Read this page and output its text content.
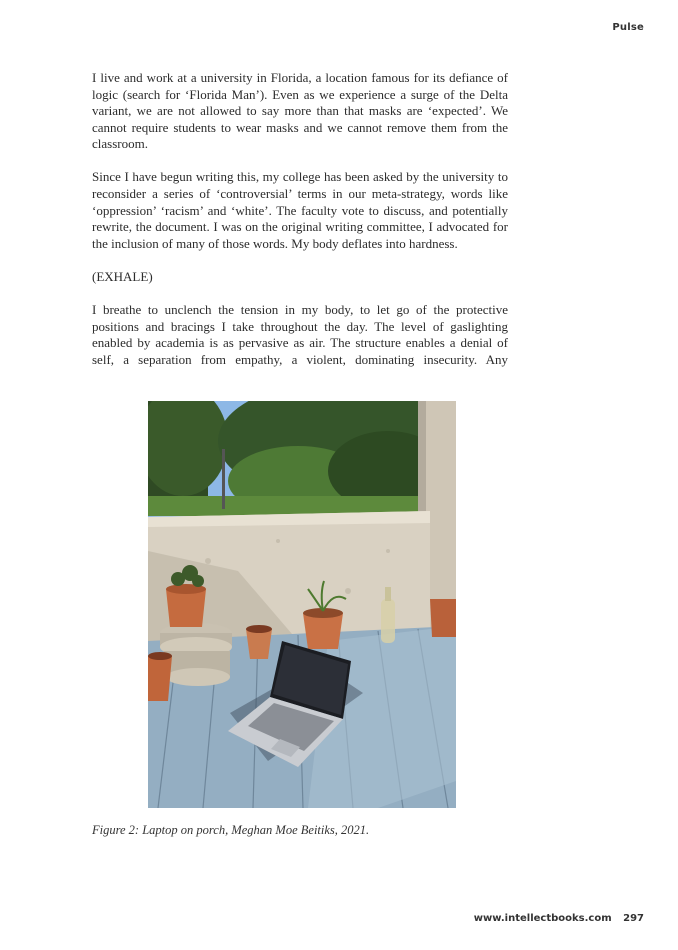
Pulse

I live and work at a university in Florida, a location famous for its defiance of logic (search for ‘Florida Man’). Even as we experience a surge of the Delta variant, we are not allowed to say more than that masks are ‘expected’. We cannot require students to wear masks and we cannot remove them from the classroom.

Since I have begun writing this, my college has been asked by the university to reconsider a series of ‘controversial’ terms in our meta-strategy, words like ‘oppression’ ‘racism’ and ‘white’. The faculty vote to discuss, and potentially rewrite, the document. I was on the original writing committee, I advocated for the inclusion of many of those words. My body deflates into hardness.

(EXHALE)

I breathe to unclench the tension in my body, to let go of the protective positions and bracings I take throughout the day. The level of gaslighting enabled by academia is as pervasive as air. The structure enables a denial of self, a separation from empathy, a violent, dominating insecurity. Any

Figure 2: Laptop on porch, Meghan Moe Beitiks, 2021.
www.intellectbooks.com 297
